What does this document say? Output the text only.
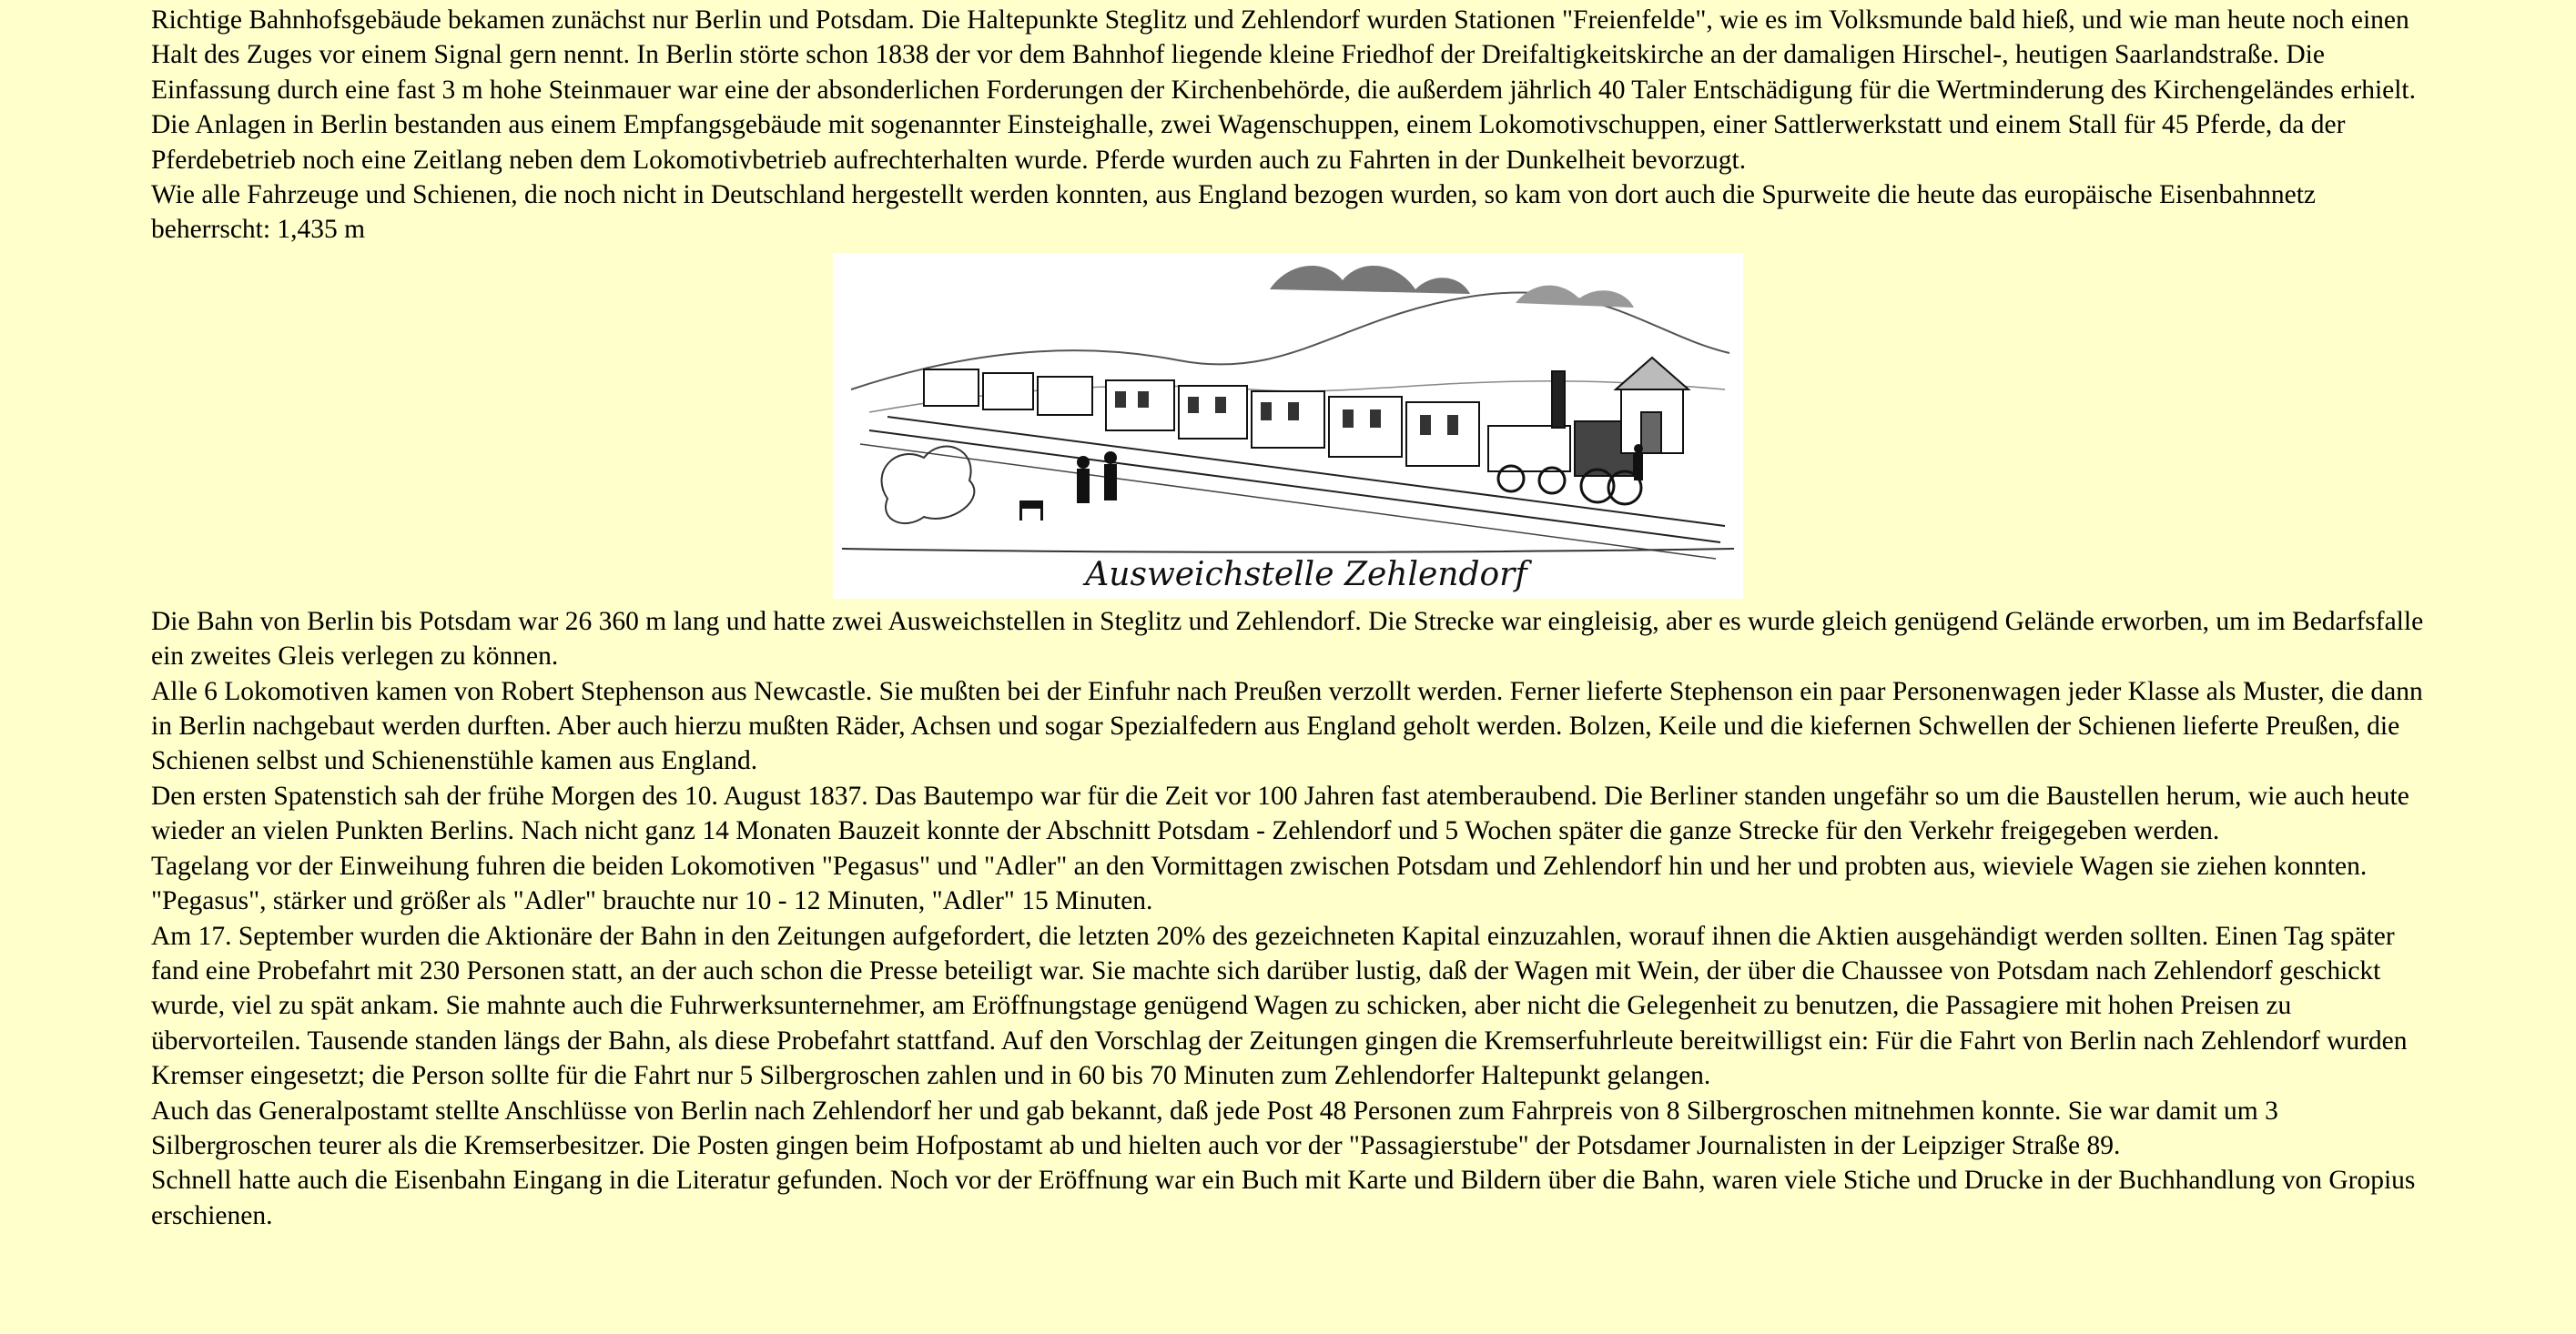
Richtige Bahnhofsgebäude bekamen zunächst nur Berlin und Potsdam. Die Haltepunkte Steglitz und Zehlendorf wurden Stationen "Freienfelde", wie es im Volksmunde bald hieß, und wie man heute noch einen Halt des Zuges vor einem Signal gern nennt. In Berlin störte schon 1838 der vor dem Bahnhof liegende kleine Friedhof der Dreifaltigkeitskirche an der damaligen Hirschel-, heutigen Saarlandstraße. Die Einfassung durch eine fast 3 m hohe Steinmauer war eine der absonderlichen Forderungen der Kirchenbehörde, die außerdem jährlich 40 Taler Entschädigung für die Wertminderung des Kirchengeländes erhielt. Die Anlagen in Berlin bestanden aus einem Empfangsgebäude mit sogenannter Einsteighalle, zwei Wagenschuppen, einem Lokomotivschuppen, einer Sattlerwerkstatt und einem Stall für 45 Pferde, da der Pferdebetrieb noch eine Zeitlang neben dem Lokomotivbetrieb aufrechterhalten wurde. Pferde wurden auch zu Fahrten in der Dunkelheit bevorzugt.

Wie alle Fahrzeuge und Schienen, die noch nicht in Deutschland hergestellt werden konnten, aus England bezogen wurden, so kam von dort auch die Spurweite die heute das europäische Eisenbahnnetz beherrscht: 1,435 m

Ausweichstelle Zehlendorf

Die Bahn von Berlin bis Potsdam war 26 360 m lang und hatte zwei Ausweichstellen in Steglitz und Zehlendorf. Die Strecke war eingleisig, aber es wurde gleich genügend Gelände erworben, um im Bedarfsfalle ein zweites Gleis verlegen zu können.

Alle 6 Lokomotiven kamen von Robert Stephenson aus Newcastle. Sie mußten bei der Einfuhr nach Preußen verzollt werden. Ferner lieferte Stephenson ein paar Personenwagen jeder Klasse als Muster, die dann in Berlin nachgebaut werden durften. Aber auch hierzu mußten Räder, Achsen und sogar Spezialfedern aus England geholt werden. Bolzen, Keile und die kiefernen Schwellen der Schienen lieferte Preußen, die Schienen selbst und Schienenstühle kamen aus England.

Den ersten Spatenstich sah der frühe Morgen des 10. August 1837. Das Bautempo war für die Zeit vor 100 Jahren fast atemberaubend. Die Berliner standen ungefähr so um die Baustellen herum, wie auch heute wieder an vielen Punkten Berlins. Nach nicht ganz 14 Monaten Bauzeit konnte der Abschnitt Potsdam - Zehlendorf und 5 Wochen später die ganze Strecke für den Verkehr freigegeben werden.

Tagelang vor der Einweihung fuhren die beiden Lokomotiven "Pegasus" und "Adler" an den Vormittagen zwischen Potsdam und Zehlendorf hin und her und probten aus, wieviele Wagen sie ziehen konnten. "Pegasus", stärker und größer als "Adler" brauchte nur 10 - 12 Minuten, "Adler" 15 Minuten.

Am 17. September wurden die Aktionäre der Bahn in den Zeitungen aufgefordert, die letzten 20% des gezeichneten Kapital einzuzahlen, worauf ihnen die Aktien ausgehändigt werden sollten. Einen Tag später fand eine Probefahrt mit 230 Personen statt, an der auch schon die Presse beteiligt war. Sie machte sich darüber lustig, daß der Wagen mit Wein, der über die Chaussee von Potsdam nach Zehlendorf geschickt wurde, viel zu spät ankam. Sie mahnte auch die Fuhrwerksunternehmer, am Eröffnungstage genügend Wagen zu schicken, aber nicht die Gelegenheit zu benutzen, die Passagiere mit hohen Preisen zu übervorteilen. Tausende standen längs der Bahn, als diese Probefahrt stattfand. Auf den Vorschlag der Zeitungen gingen die Kremserfuhrleute bereitwilligst ein: Für die Fahrt von Berlin nach Zehlendorf wurden Kremser eingesetzt; die Person sollte für die Fahrt nur 5 Silbergroschen zahlen und in 60 bis 70 Minuten zum Zehlendorfer Haltepunkt gelangen.

Auch das Generalpostamt stellte Anschlüsse von Berlin nach Zehlendorf her und gab bekannt, daß jede Post 48 Personen zum Fahrpreis von 8 Silbergroschen mitnehmen konnte. Sie war damit um 3 Silbergroschen teurer als die Kremserbesitzer. Die Posten gingen beim Hofpostamt ab und hielten auch vor der "Passagierstube" der Potsdamer Journalisten in der Leipziger Straße 89.

Schnell hatte auch die Eisenbahn Eingang in die Literatur gefunden. Noch vor der Eröffnung war ein Buch mit Karte und Bildern über die Bahn, waren viele Stiche und Drucke in der Buchhandlung von Gropius erschienen.
